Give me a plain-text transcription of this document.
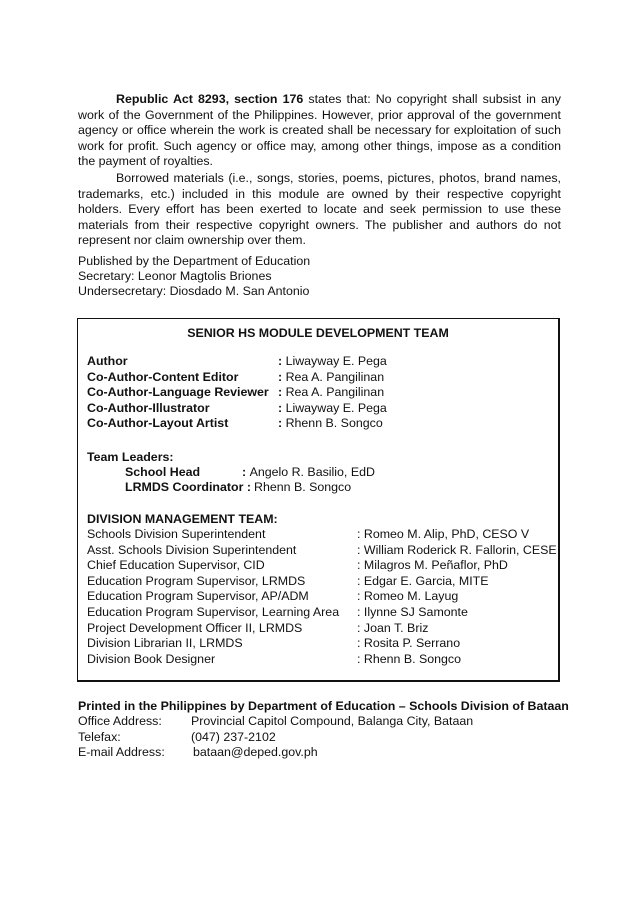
Republic Act 8293, section 176 states that: No copyright shall subsist in any work of the Government of the Philippines. However, prior approval of the government agency or office wherein the work is created shall be necessary for exploitation of such work for profit. Such agency or office may, among other things, impose as a condition the payment of royalties.

Borrowed materials (i.e., songs, stories, poems, pictures, photos, brand names, trademarks, etc.) included in this module are owned by their respective copyright holders. Every effort has been exerted to locate and seek permission to use these materials from their respective copyright owners. The publisher and authors do not represent nor claim ownership over them.

Published by the Department of Education
Secretary: Leonor Magtolis Briones
Undersecretary: Diosdado M. San Antonio
SENIOR HS MODULE DEVELOPMENT TEAM
Author	: Liwayway E. Pega
Co-Author-Content Editor	: Rea A. Pangilinan
Co-Author-Language Reviewer : Rea A. Pangilinan
Co-Author-Illustrator	: Liwayway E. Pega
Co-Author-Layout Artist	: Rhenn B. Songco
Team Leaders:
School Head	: Angelo R. Basilio, EdD
LRMDS Coordinator : Rhenn B. Songco
DIVISION MANAGEMENT TEAM:
Schools Division Superintendent	: Romeo M. Alip, PhD, CESO V
Asst. Schools Division Superintendent	: William Roderick R. Fallorin, CESE
Chief Education Supervisor, CID	: Milagros M. Peñaflor, PhD
Education Program Supervisor, LRMDS	: Edgar E. Garcia, MITE
Education Program Supervisor, AP/ADM	: Romeo M. Layug
Education Program Supervisor, Learning Area : Ilynne SJ Samonte
Project Development Officer II, LRMDS	: Joan T. Briz
Division Librarian II, LRMDS	: Rosita P. Serrano
Division Book Designer	: Rhenn B. Songco
Printed in the Philippines by Department of Education – Schools Division of Bataan
Office Address: Provincial Capitol Compound, Balanga City, Bataan
Telefax:	(047) 237-2102
E-mail Address: bataan@deped.gov.ph
